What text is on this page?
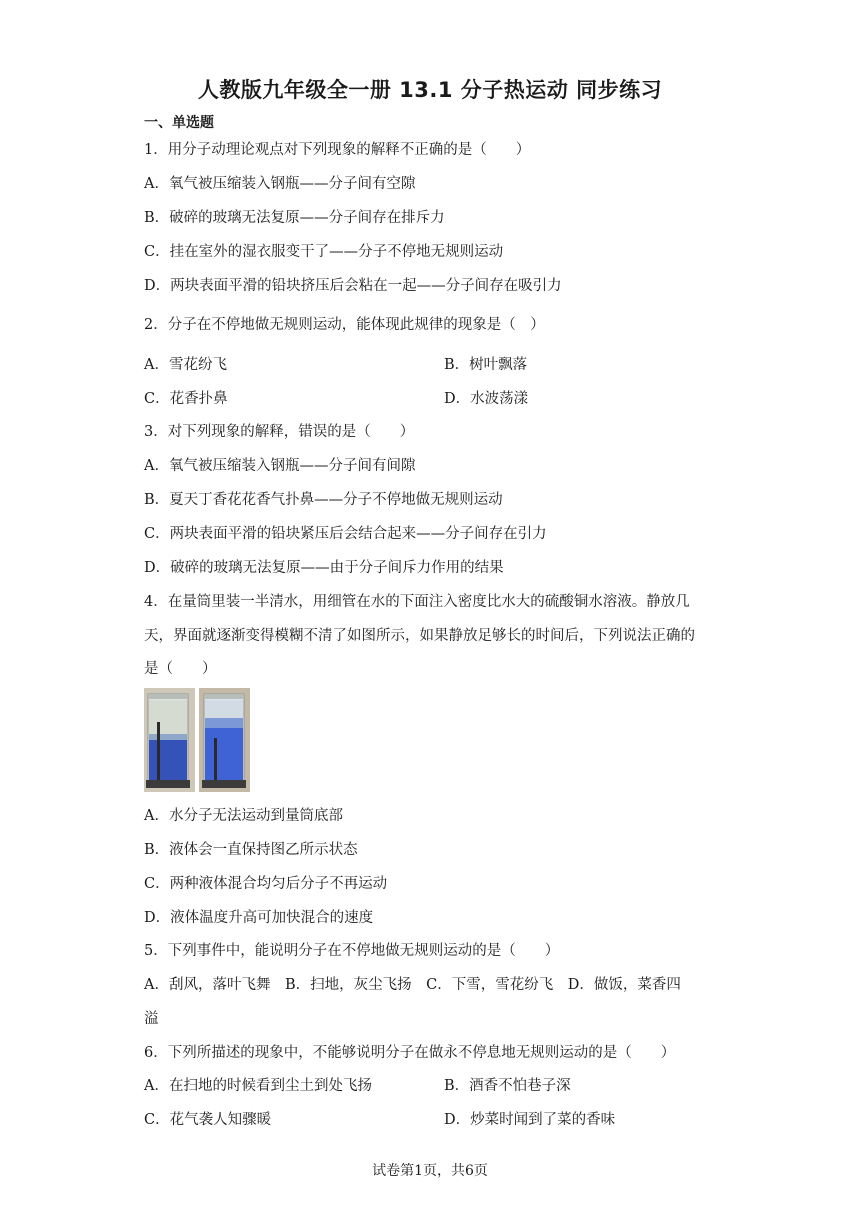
人教版九年级全一册 13.1 分子热运动 同步练习
一、单选题
1．用分子动理论观点对下列现象的解释不正确的是（　　）
A．氧气被压缩装入钢瓶——分子间有空隙
B．破碎的玻璃无法复原——分子间存在排斥力
C．挂在室外的湿衣服变干了——分子不停地无规则运动
D．两块表面平滑的铅块挤压后会粘在一起——分子间存在吸引力
2．分子在不停地做无规则运动，能体现此规律的现象是（　）
A．雪花纷飞	B．树叶飘落
C．花香扑鼻	D．水波荡漾
3．对下列现象的解释，错误的是（　　）
A．氧气被压缩装入钢瓶——分子间有间隙
B．夏天丁香花花香气扑鼻——分子不停地做无规则运动
C．两块表面平滑的铅块紧压后会结合起来——分子间存在引力
D．破碎的玻璃无法复原——由于分子间斥力作用的结果
4．在量筒里装一半清水，用细管在水的下面注入密度比水大的硫酸铜水溶液。静放几
天，界面就逐渐变得模糊不清了如图所示，如果静放足够长的时间后，下列说法正确的
是（　　）
A．水分子无法运动到量筒底部
B．液体会一直保持图乙所示状态
C．两种液体混合均匀后分子不再运动
D．液体温度升高可加快混合的速度
5．下列事件中，能说明分子在不停地做无规则运动的是（　　）
A．刮风，落叶飞舞　B．扫地，灰尘飞扬　C．下雪，雪花纷飞　D．做饭，菜香四
溢
6．下列所描述的现象中，不能够说明分子在做永不停息地无规则运动的是（　　）
A．在扫地的时候看到尘土到处飞扬	B．酒香不怕巷子深
C．花气袭人知骤暖	D．炒菜时闻到了菜的香味
试卷第1页，共6页
